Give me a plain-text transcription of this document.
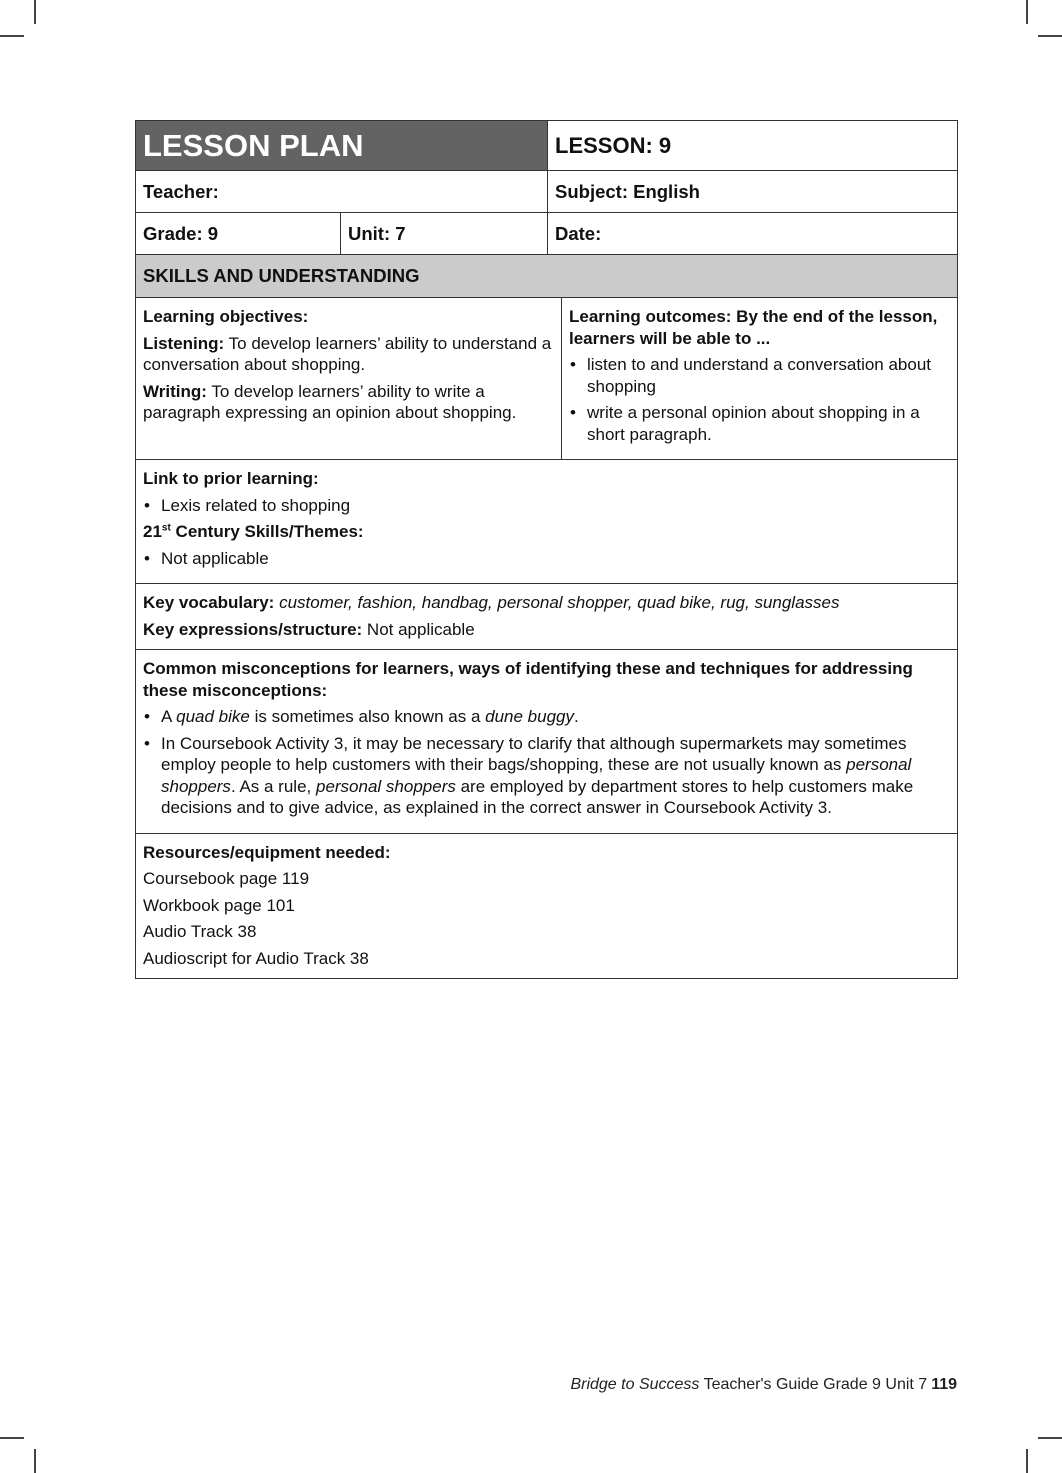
LESSON PLAN	LESSON: 9
Teacher:	Subject: English
Grade: 9	Unit: 7	Date:
SKILLS AND UNDERSTANDING

Learning objectives:

Listening: To develop learners’ ability to understand a conversation about shopping.

Writing: To develop learners’ ability to write a paragraph expressing an opinion about shopping.

Learning outcomes: By the end of the lesson, learners will be able to ...

• listen to and understand a conversation about shopping
• write a personal opinion about shopping in a short paragraph.

Link to prior learning:

• Lexis related to shopping

21st Century Skills/Themes:

• Not applicable

Key vocabulary: customer, fashion, handbag, personal shopper, quad bike, rug, sunglasses

Key expressions/structure: Not applicable

Common misconceptions for learners, ways of identifying these and techniques for addressing these misconceptions:

• A quad bike is sometimes also known as a dune buggy.
• In Coursebook Activity 3, it may be necessary to clarify that although supermarkets may sometimes employ people to help customers with their bags/shopping, these are not usually known as personal shoppers. As a rule, personal shoppers are employed by department stores to help customers make decisions and to give advice, as explained in the correct answer in Coursebook Activity 3.

Resources/equipment needed:

Coursebook page 119

Workbook page 101

Audio Track 38

Audioscript for Audio Track 38

Bridge to Success Teacher's Guide Grade 9 Unit 7 119
